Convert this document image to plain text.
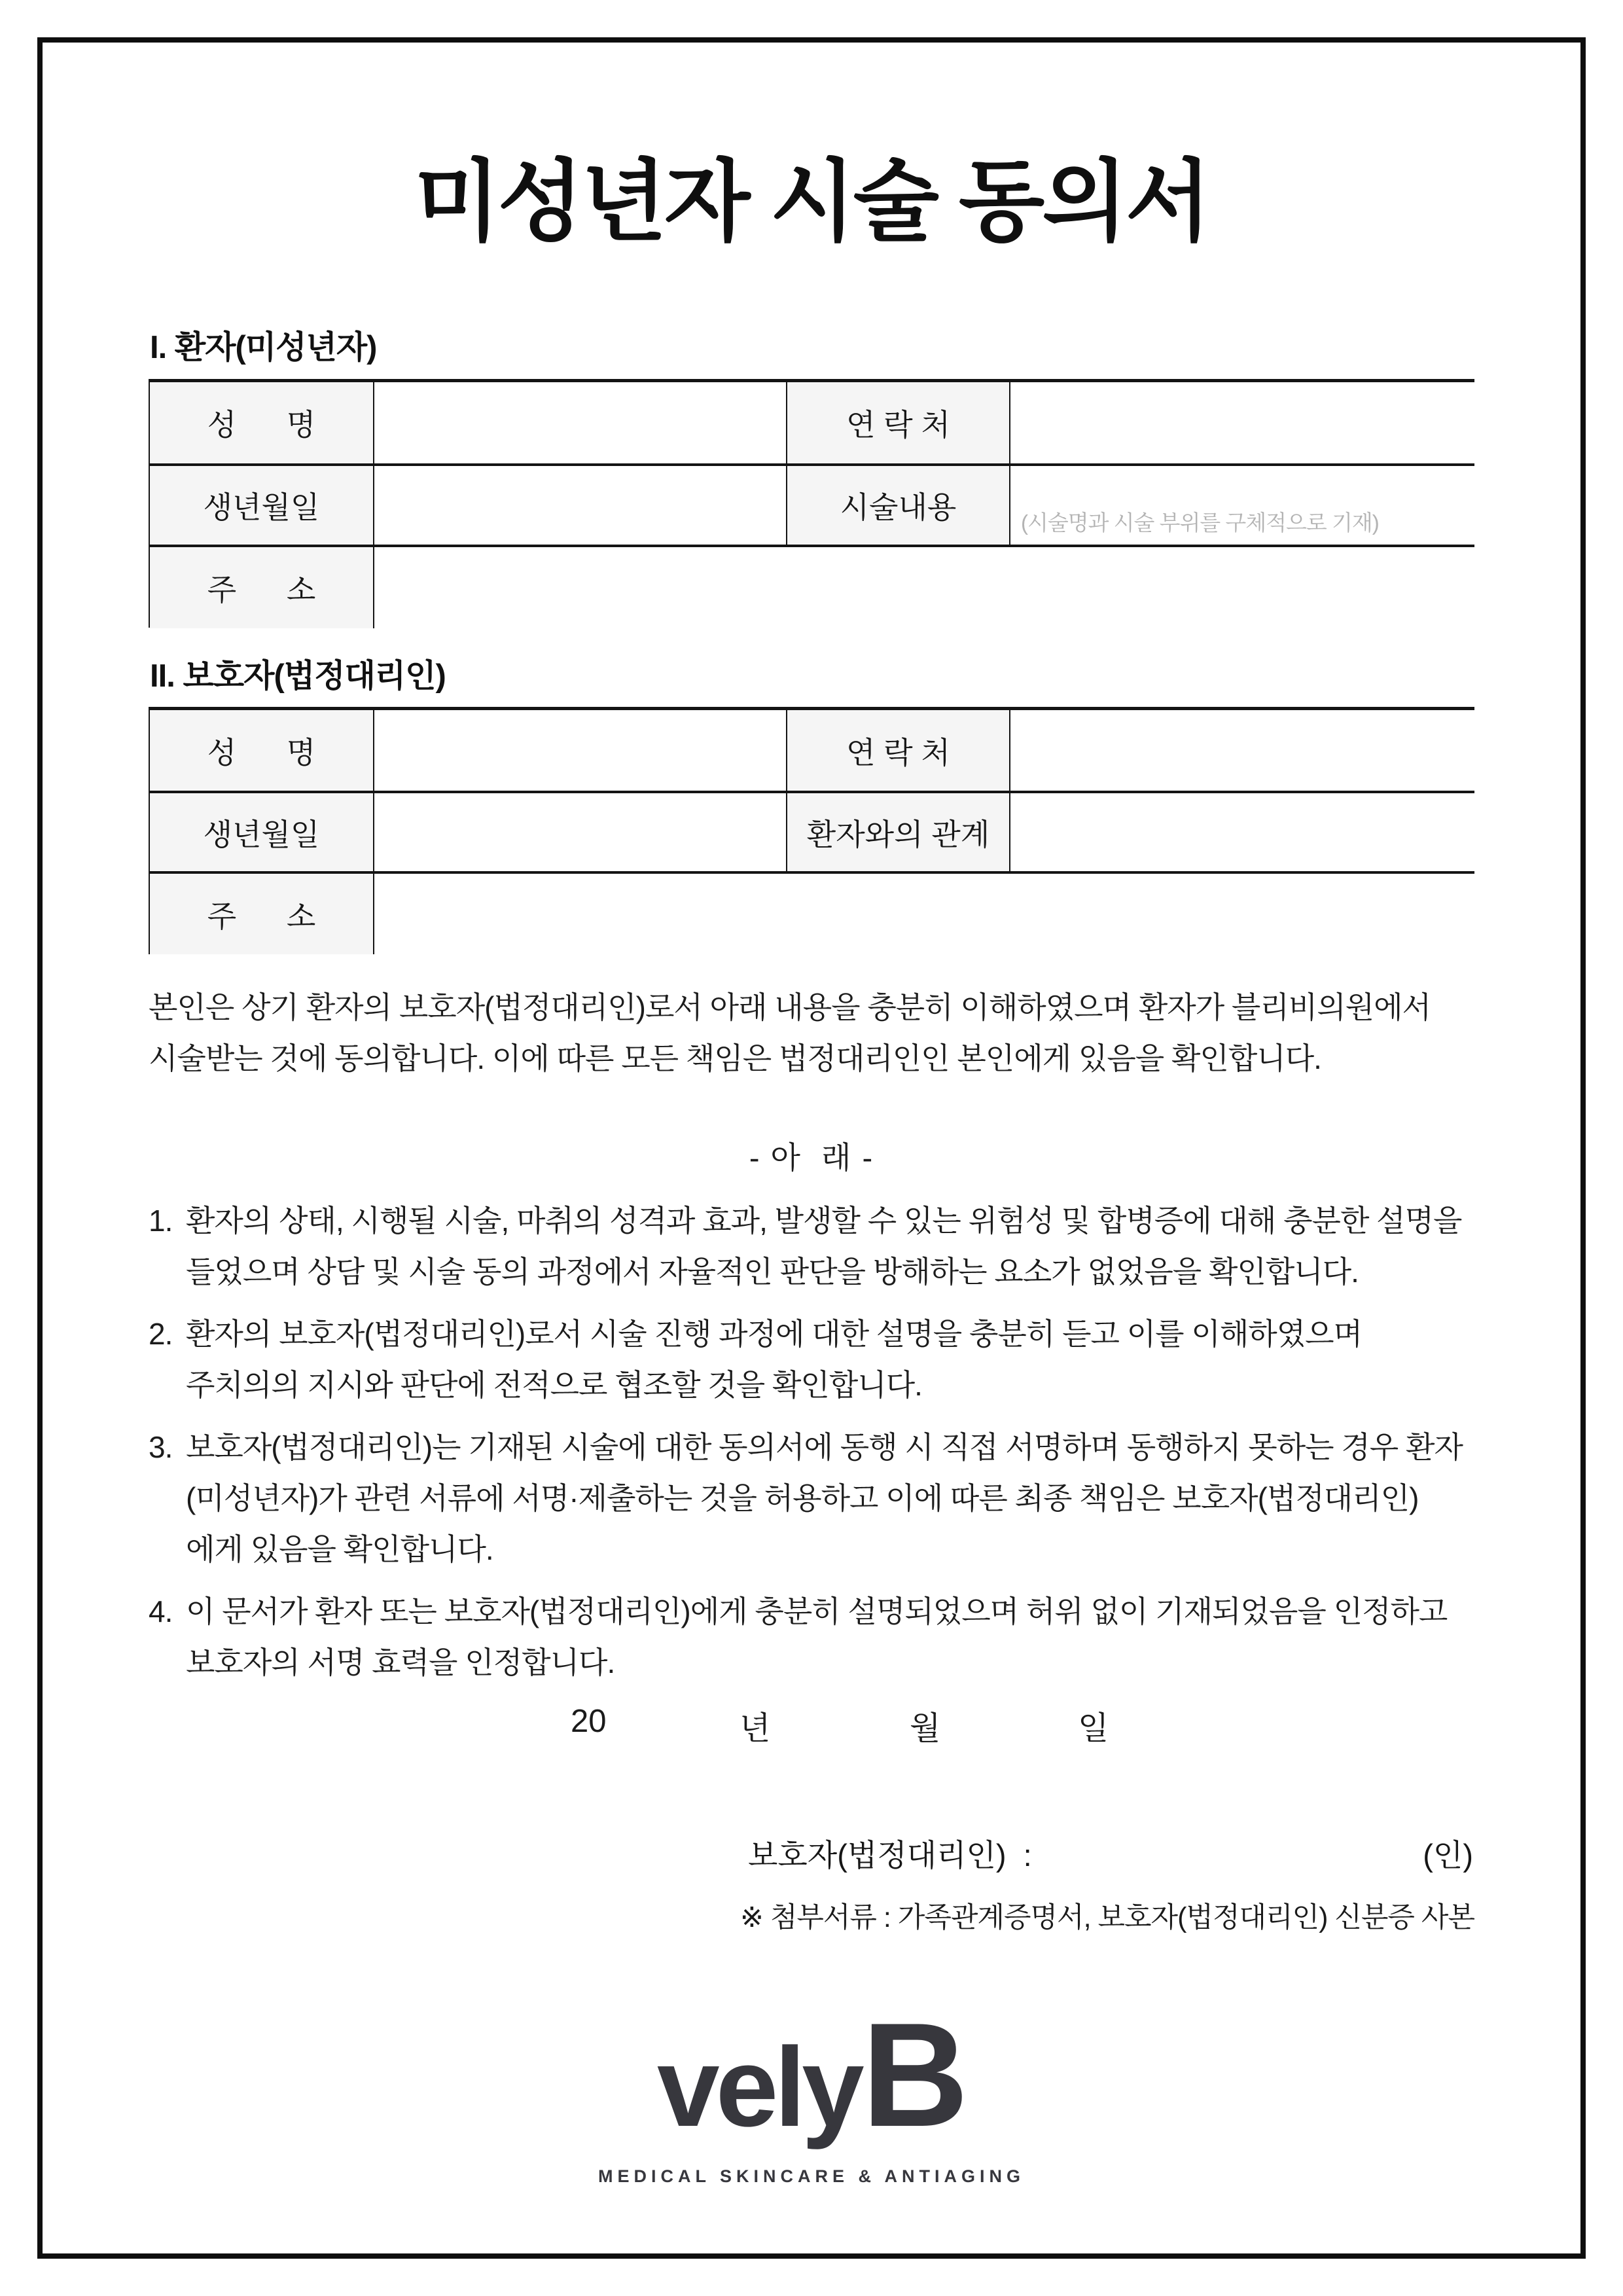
미성년자 시술 동의서
I. 환자(미성년자)
성      명	연 락 처
생년월일	시술내용	(시술명과 시술 부위를 구체적으로 기재)
주      소
II. 보호자(법정대리인)
성      명	연 락 처
생년월일	환자와의 관계
주      소

본인은 상기 환자의 보호자(법정대리인)로서 아래 내용을 충분히 이해하였으며 환자가 블리비의원에서 시술받는 것에 동의합니다. 이에 따른 모든 책임은 법정대리인인 본인에게 있음을 확인합니다.

- 아  래 -
1. 환자의 상태, 시행될 시술, 마취의 성격과 효과, 발생할 수 있는 위험성 및 합병증에 대해 충분한 설명을 들었으며 상담 및 시술 동의 과정에서 자율적인 판단을 방해하는 요소가 없었음을 확인합니다.
2. 환자의 보호자(법정대리인)로서 시술 진행 과정에 대한 설명을 충분히 듣고 이를 이해하였으며 주치의의 지시와 판단에 전적으로 협조할 것을 확인합니다.
3. 보호자(법정대리인)는 기재된 시술에 대한 동의서에 동행 시 직접 서명하며 동행하지 못하는 경우 환자(미성년자)가 관련 서류에 서명·제출하는 것을 허용하고 이에 따른 최종 책임은 보호자(법정대리인)에게 있음을 확인합니다.
4. 이 문서가 환자 또는 보호자(법정대리인)에게 충분히 설명되었으며 허위 없이 기재되었음을 인정하고 보호자의 서명 효력을 인정합니다.
20	년	월	일
보호자(법정대리인)  :	(인)
※ 첨부서류 : 가족관계증명서, 보호자(법정대리인) 신분증 사본
vely B
MEDICAL SKINCARE & ANTIAGING
